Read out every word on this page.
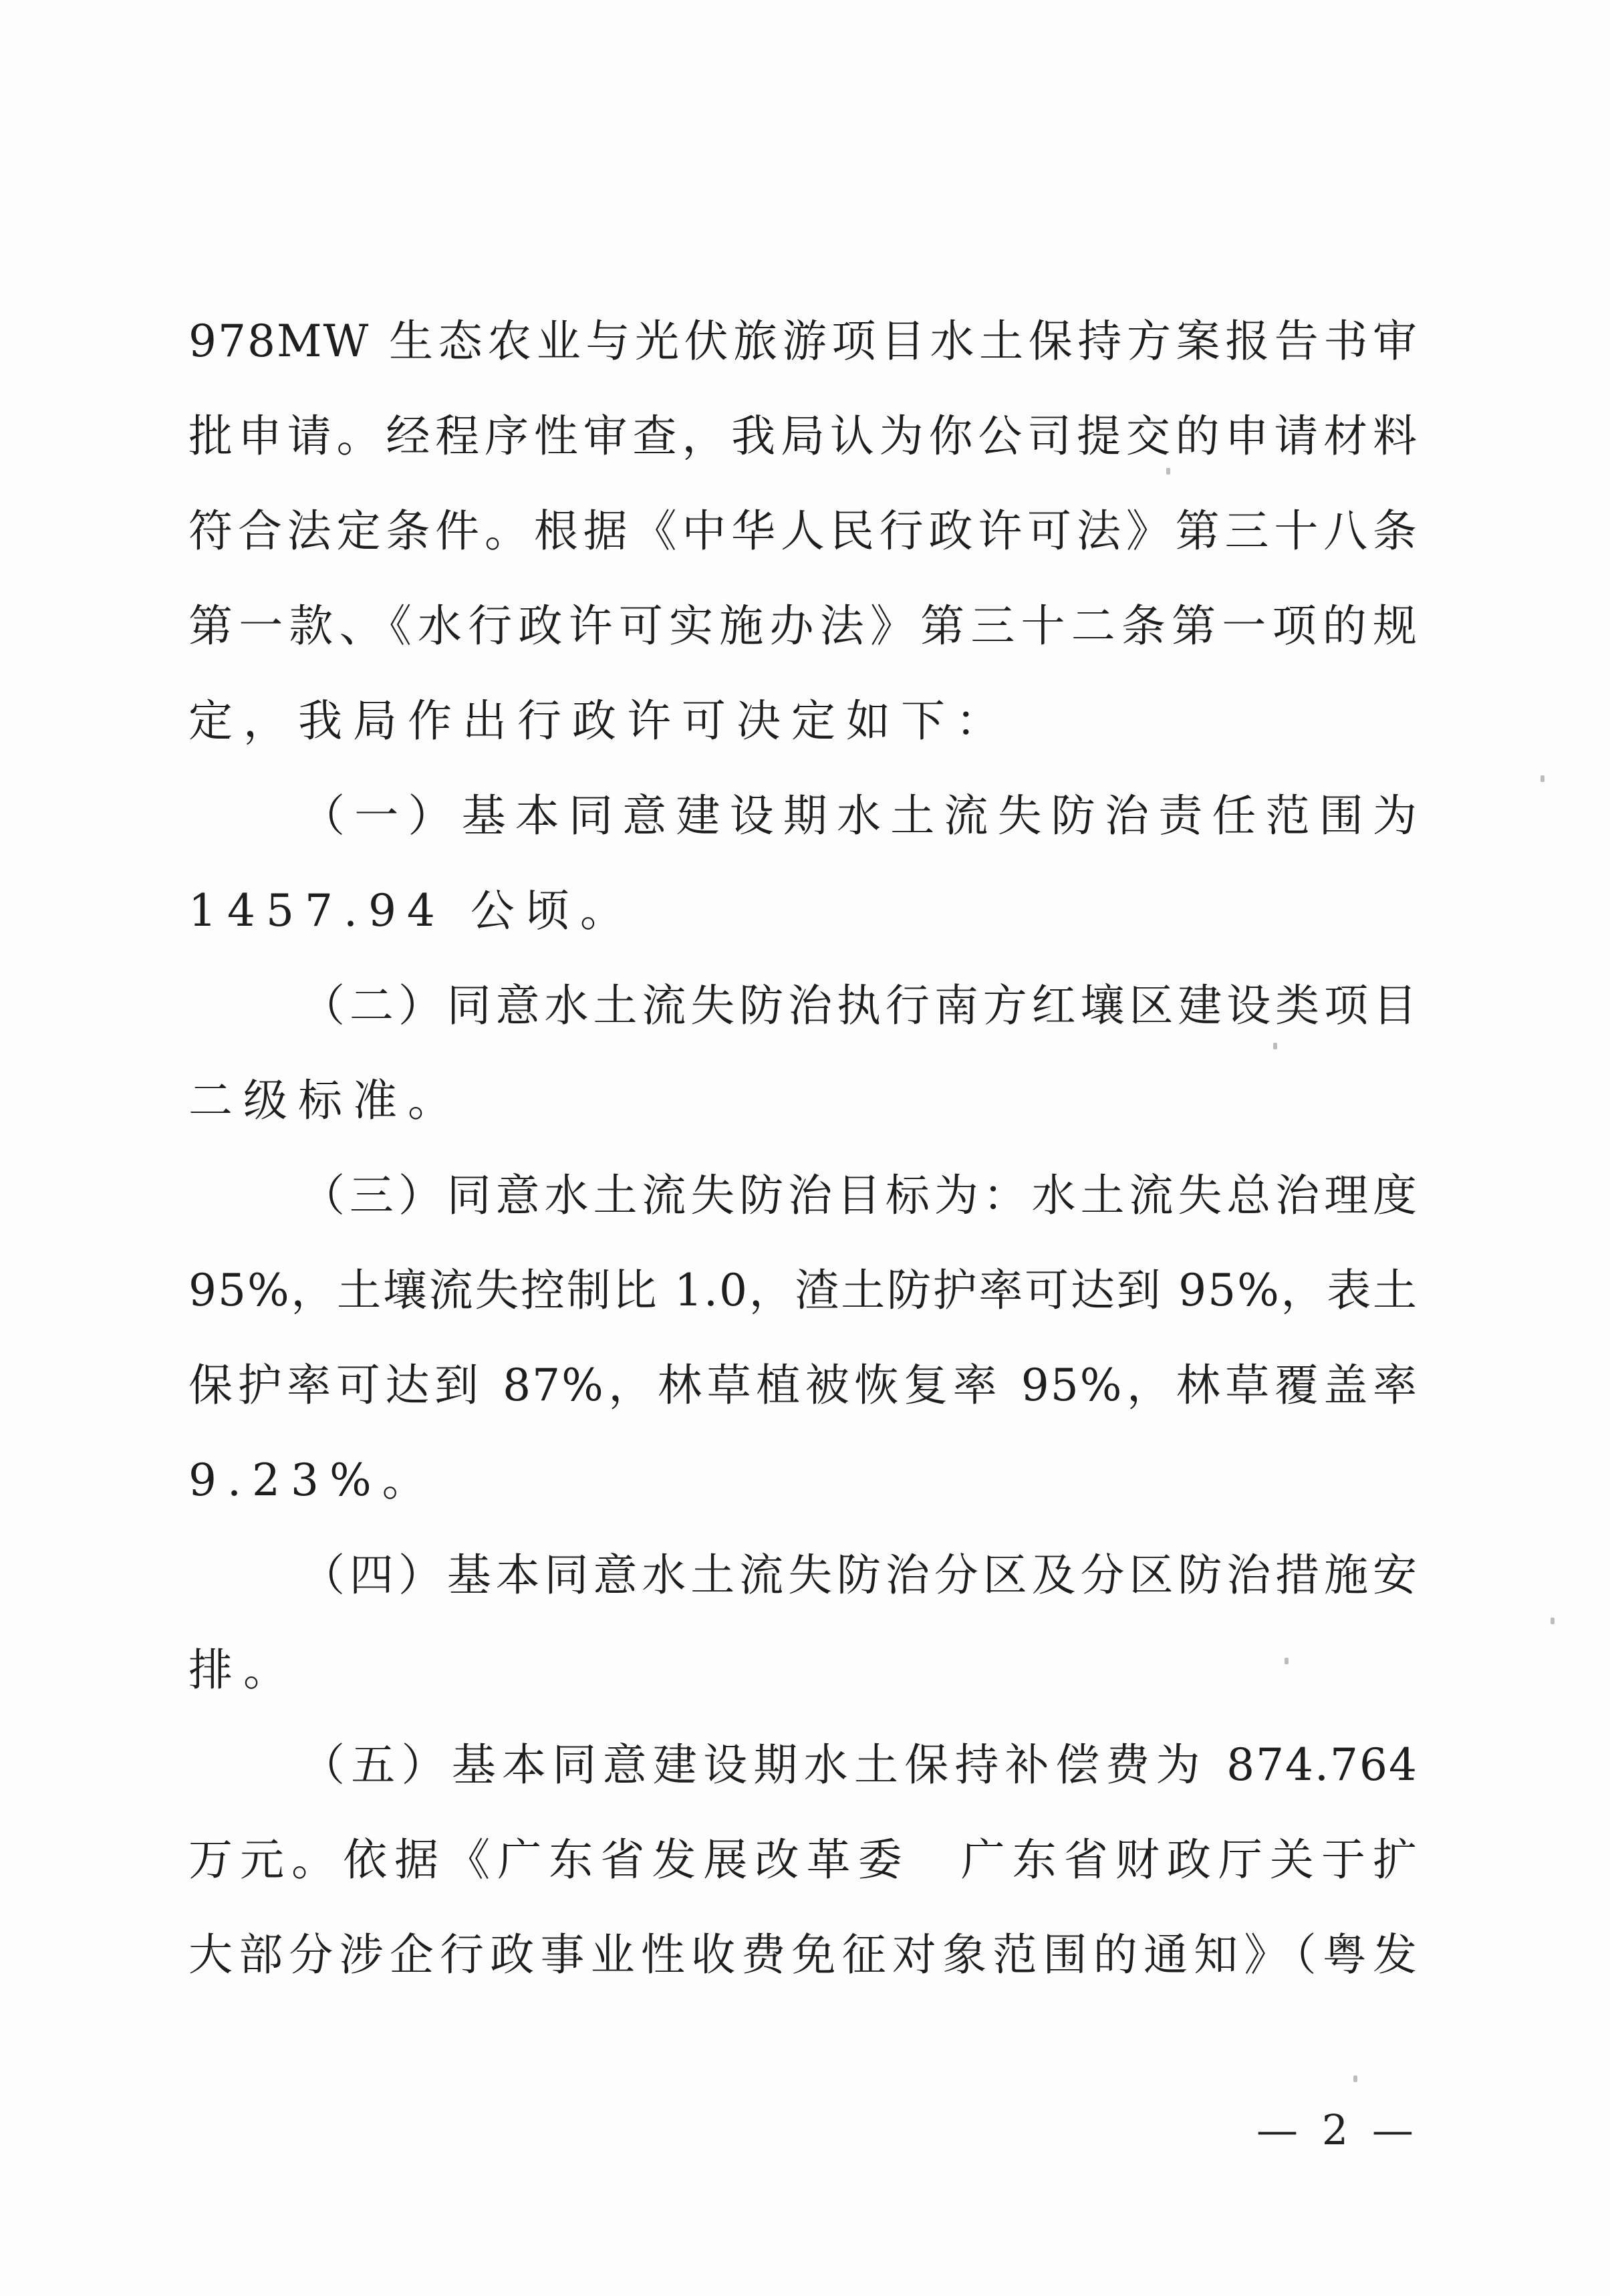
978MW 生态农业与光伏旅游项目水土保持方案报告书审
批申请。经程序性审查，我局认为你公司提交的申请材料
符合法定条件。根据《中华人民行政许可法》第三十八条
第一款、《水行政许可实施办法》第三十二条第一项的规
定，我局作出行政许可决定如下：
（一）基本同意建设期水土流失防治责任范围为
1457.94 公顷。
（二）同意水土流失防治执行南方红壤区建设类项目
二级标准。
（三）同意水土流失防治目标为：水土流失总治理度
95%，土壤流失控制比 1.0，渣土防护率可达到 95%，表土
保护率可达到 87%，林草植被恢复率 95%，林草覆盖率
9.23%。
（四）基本同意水土流失防治分区及分区防治措施安
排。
（五）基本同意建设期水土保持补偿费为 874.764
万元。依据《广东省发展改革委　广东省财政厅关于扩
大部分涉企行政事业性收费免征对象范围的通知》（粤发
— 2 —
